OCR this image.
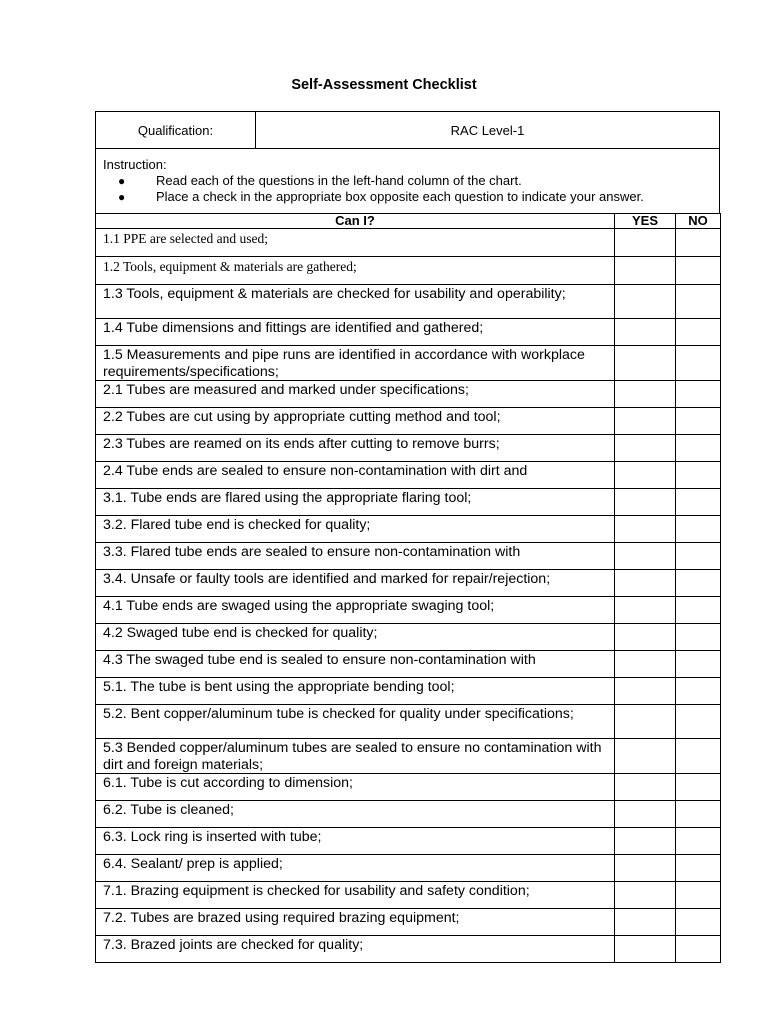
Self-Assessment Checklist
Qualification:	RAC Level-1
Instruction:
● Read each of the questions in the left-hand column of the chart.
● Place a check in the appropriate box opposite each question to indicate your answer.
Can I?	YES	NO
1.1 PPE are selected and used;		
1.2 Tools, equipment & materials are gathered;		
1.3 Tools, equipment & materials are checked for usability and operability;		
1.4 Tube dimensions and fittings are identified and gathered;		
1.5 Measurements and pipe runs are identified in accordance with workplace requirements/specifications;		
2.1 Tubes are measured and marked under specifications;		
2.2 Tubes are cut using by appropriate cutting method and tool;		
2.3 Tubes are reamed on its ends after cutting to remove burrs;		
2.4 Tube ends are sealed to ensure non-contamination with dirt and		
3.1. Tube ends are flared using the appropriate flaring tool;		
3.2. Flared tube end is checked for quality;		
3.3. Flared tube ends are sealed to ensure non-contamination with		
3.4. Unsafe or faulty tools are identified and marked for repair/rejection;		
4.1 Tube ends are swaged using the appropriate swaging tool;		
4.2 Swaged tube end is checked for quality;		
4.3 The swaged tube end is sealed to ensure non-contamination with		
5.1. The tube is bent using the appropriate bending tool;		
5.2. Bent copper/aluminum tube is checked for quality under specifications;		
5.3 Bended copper/aluminum tubes are sealed to ensure no contamination with dirt and foreign materials;		
6.1. Tube is cut according to dimension;		
6.2. Tube is cleaned;		
6.3. Lock ring is inserted with tube;		
6.4. Sealant/ prep is applied;		
7.1. Brazing equipment is checked for usability and safety condition;		
7.2. Tubes are brazed using required brazing equipment;		
7.3. Brazed joints are checked for quality;		
